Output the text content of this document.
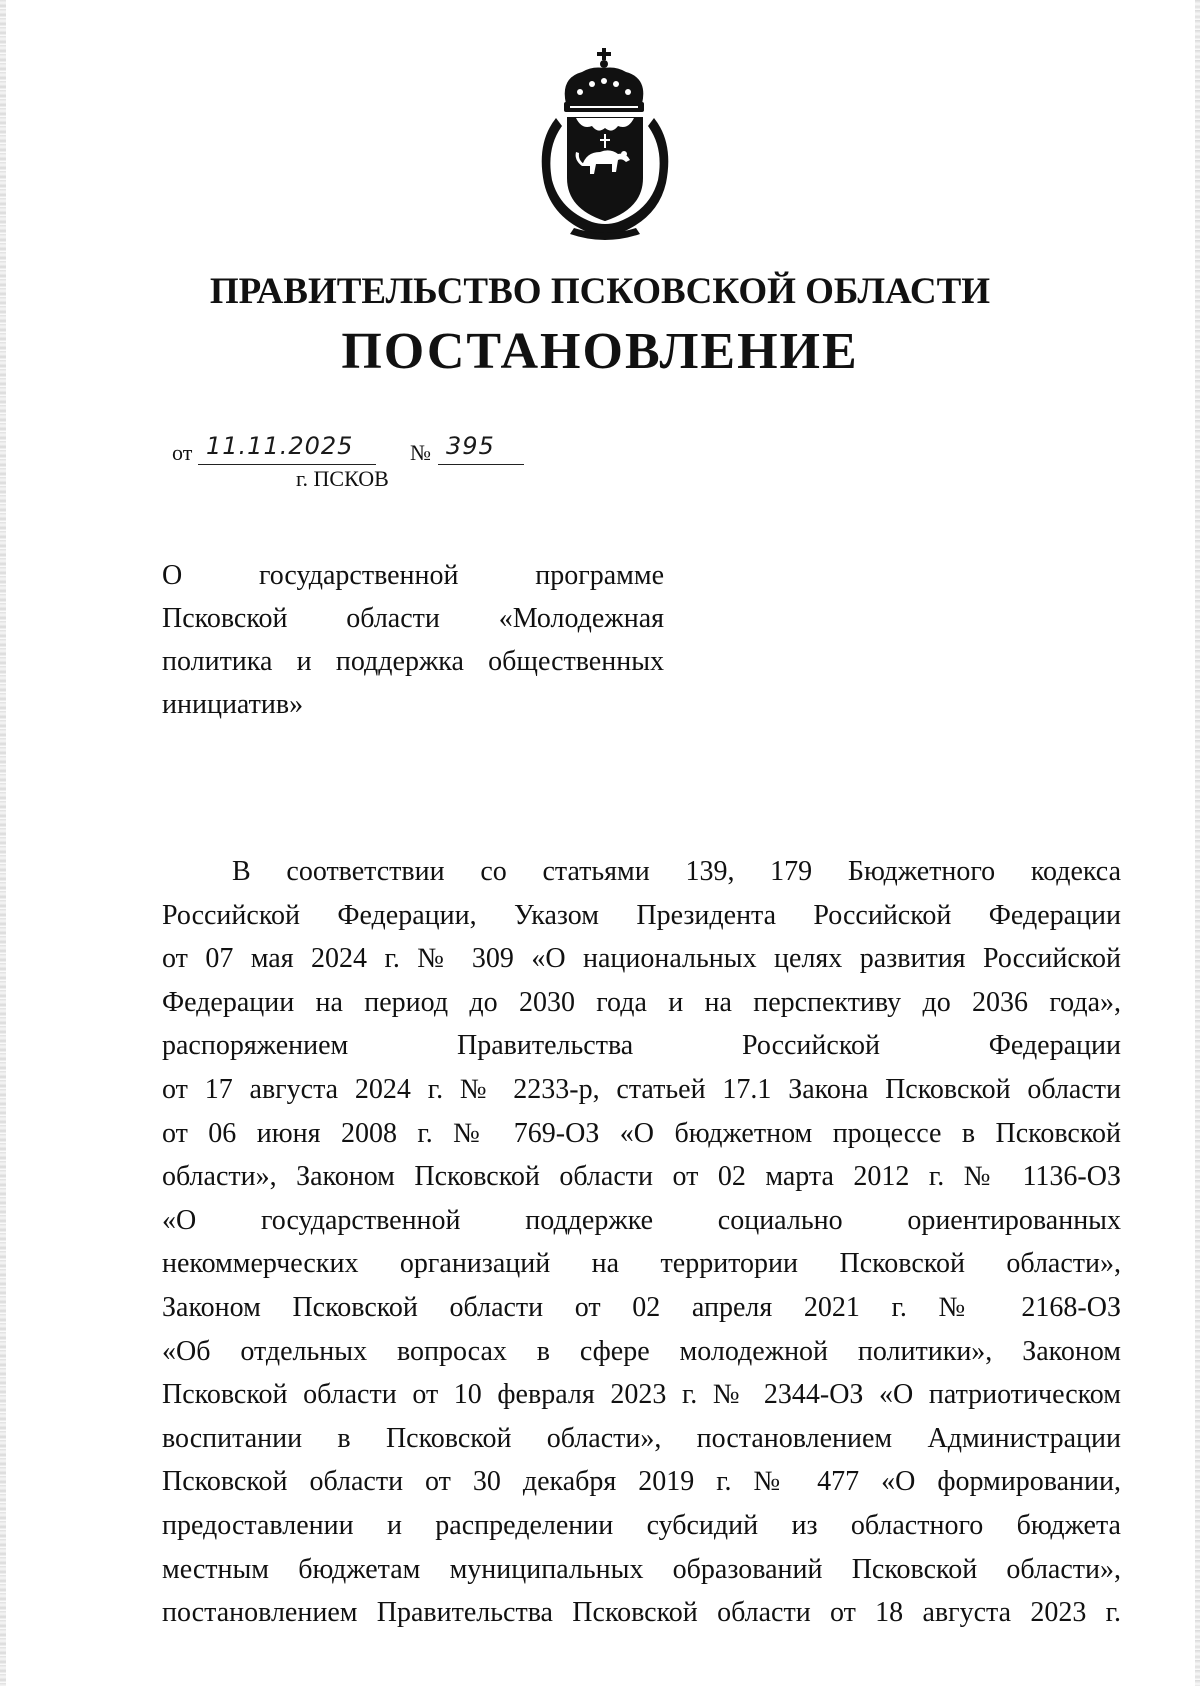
ПРАВИТЕЛЬСТВО ПСКОВСКОЙ ОБЛАСТИ
ПОСТАНОВЛЕНИЕ
от 11.11.2025	№ 395
г. ПСКОВ
О государственной программе
Псковской области «Молодежная
политика и поддержка общественных
инициатив»
В соответствии со статьями 139, 179 Бюджетного кодекса
Российской Федерации, Указом Президента Российской Федерации
от 07 мая 2024 г. № 309 «О национальных целях развития Российской
Федерации на период до 2030 года и на перспективу до 2036 года»,
распоряжением Правительства Российской Федерации
от 17 августа 2024 г. № 2233-р, статьей 17.1 Закона Псковской области
от 06 июня 2008 г. № 769-ОЗ «О бюджетном процессе в Псковской
области», Законом Псковской области от 02 марта 2012 г. № 1136-ОЗ
«О государственной поддержке социально ориентированных
некоммерческих организаций на территории Псковской области»,
Законом Псковской области от 02 апреля 2021 г. № 2168-ОЗ
«Об отдельных вопросах в сфере молодежной политики», Законом
Псковской области от 10 февраля 2023 г. № 2344-ОЗ «О патриотическом
воспитании в Псковской области», постановлением Администрации
Псковской области от 30 декабря 2019 г. № 477 «О формировании,
предоставлении и распределении субсидий из областного бюджета
местным бюджетам муниципальных образований Псковской области»,
постановлением Правительства Псковской области от 18 августа 2023 г.
